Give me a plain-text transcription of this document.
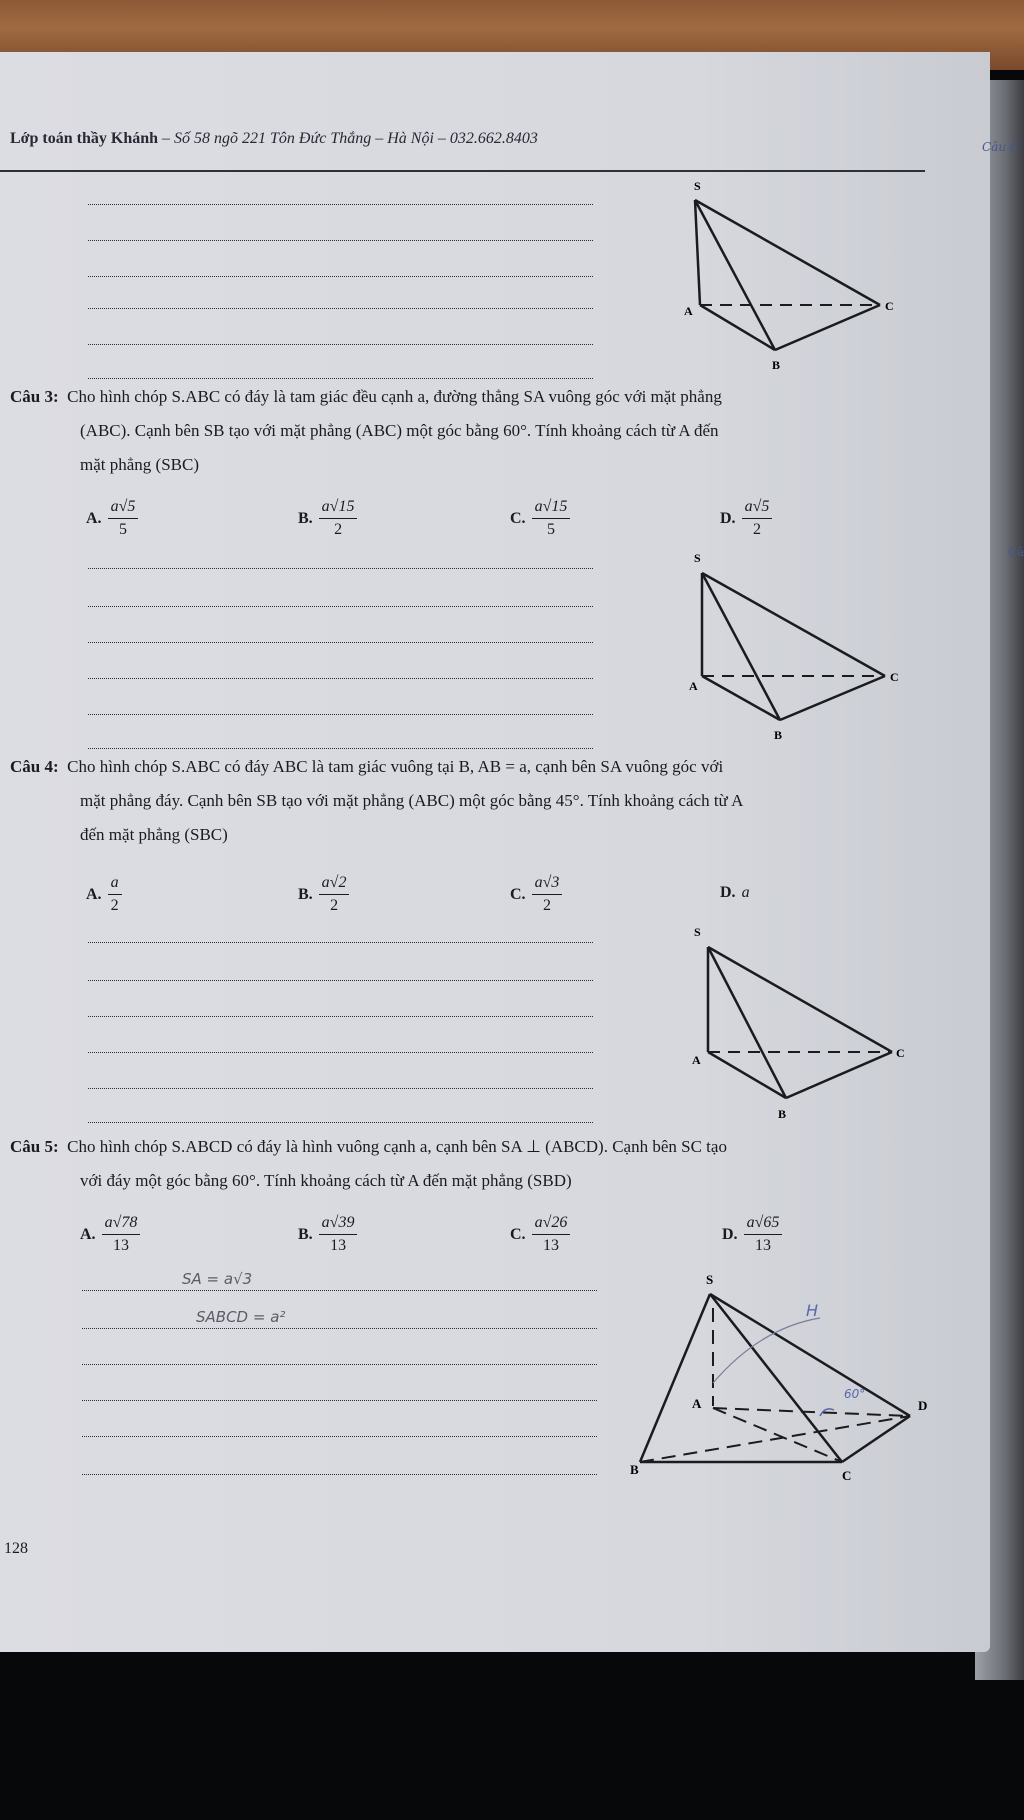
Câu 6
Câ
Lớp toán thầy Khánh – Số 58 ngõ 221 Tôn Đức Thắng – Hà Nội – 032.662.8403
S
A
B
C
Câu 3: Cho hình chóp S.ABC có đáy là tam giác đều cạnh a, đường thẳng SA vuông góc với mặt phẳng
(ABC). Cạnh bên SB tạo với mặt phẳng (ABC) một góc bằng 60°. Tính khoảng cách từ A đến
mặt phẳng (SBC)
A. $\frac{a√5}{5}$	B. $\frac{a√15}{2}$	C. $\frac{a√15}{5}$	D. $\frac{a√5}{2}$
S
A
B
C
Câu 4: Cho hình chóp S.ABC có đáy ABC là tam giác vuông tại B, AB = a, cạnh bên SA vuông góc với
mặt phẳng đáy. Cạnh bên SB tạo với mặt phẳng (ABC) một góc bằng 45°. Tính khoảng cách từ A
đến mặt phẳng (SBC)
A. $\frac{a}{2}$	B. $\frac{a√2}{2}$	C. $\frac{a√3}{2}$	D. a
S
A
B
C
Câu 5: Cho hình chóp S.ABCD có đáy là hình vuông cạnh a, cạnh bên SA ⊥ (ABCD). Cạnh bên SC tạo
với đáy một góc bằng 60°. Tính khoảng cách từ A đến mặt phẳng (SBD)
A. $\frac{a√78}{13}$	B. $\frac{a√39}{13}$	C. $\frac{a√26}{13}$	D. $\frac{a√65}{13}$
SA = a√3
SABCD = a²
S
A
B	C
D
H
60°
128
